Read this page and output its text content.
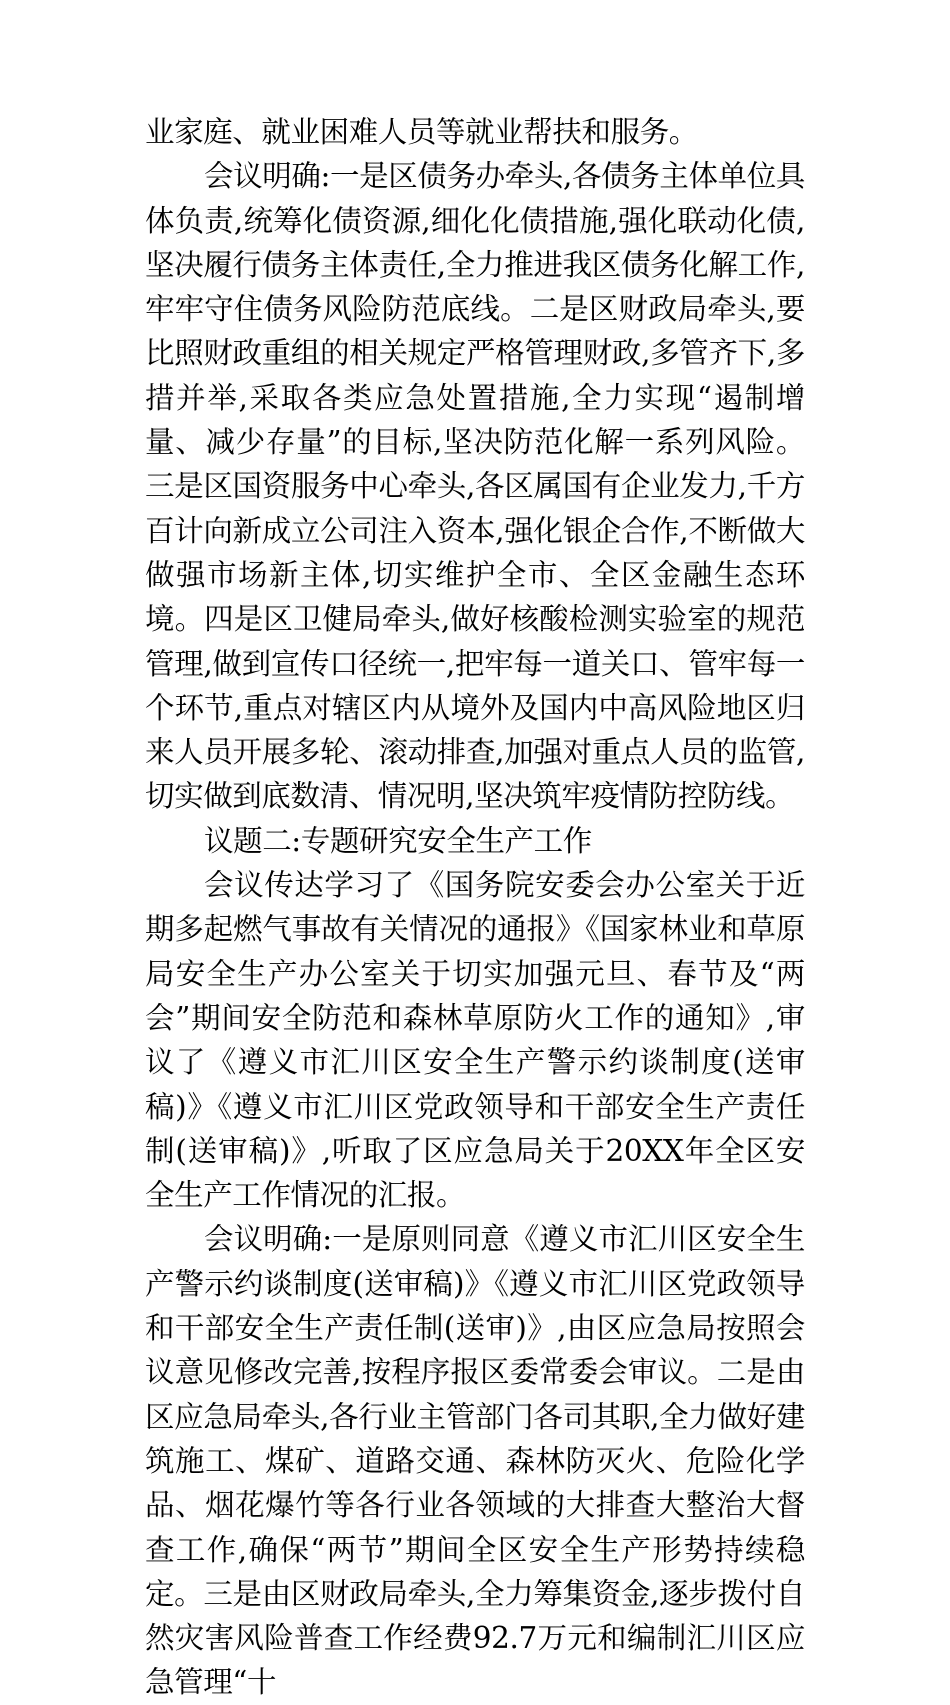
业家庭、就业困难人员等就业帮扶和服务。

会议明确:一是区债务办牵头,各债务主体单位具体负责,统筹化债资源,细化化债措施,强化联动化债,坚决履行债务主体责任,全力推进我区债务化解工作,牢牢守住债务风险防范底线。二是区财政局牵头,要比照财政重组的相关规定严格管理财政,多管齐下,多措并举,采取各类应急处置措施,全力实现“遏制增量、减少存量”的目标,坚决防范化解一系列风险。三是区国资服务中心牵头,各区属国有企业发力,千方百计向新成立公司注入资本,强化银企合作,不断做大做强市场新主体,切实维护全市、全区金融生态环境。四是区卫健局牵头,做好核酸检测实验室的规范管理,做到宣传口径统一,把牢每一道关口、管牢每一个环节,重点对辖区内从境外及国内中高风险地区归来人员开展多轮、滚动排查,加强对重点人员的监管,切实做到底数清、情况明,坚决筑牢疫情防控防线。

议题二:专题研究安全生产工作

会议传达学习了《国务院安委会办公室关于近期多起燃气事故有关情况的通报》《国家林业和草原局安全生产办公室关于切实加强元旦、春节及“两会”期间安全防范和森林草原防火工作的通知》,审议了《遵义市汇川区安全生产警示约谈制度(送审稿)》《遵义市汇川区党政领导和干部安全生产责任制(送审稿)》,听取了区应急局关于20XX年全区安全生产工作情况的汇报。

会议明确:一是原则同意《遵义市汇川区安全生产警示约谈制度(送审稿)》《遵义市汇川区党政领导和干部安全生产责任制(送审)》,由区应急局按照会议意见修改完善,按程序报区委常委会审议。二是由区应急局牵头,各行业主管部门各司其职,全力做好建筑施工、煤矿、道路交通、森林防灭火、危险化学品、烟花爆竹等各行业各领域的大排查大整治大督查工作,确保“两节”期间全区安全生产形势持续稳定。三是由区财政局牵头,全力筹集资金,逐步拨付自然灾害风险普查工作经费92.7万元和编制汇川区应急管理“十
